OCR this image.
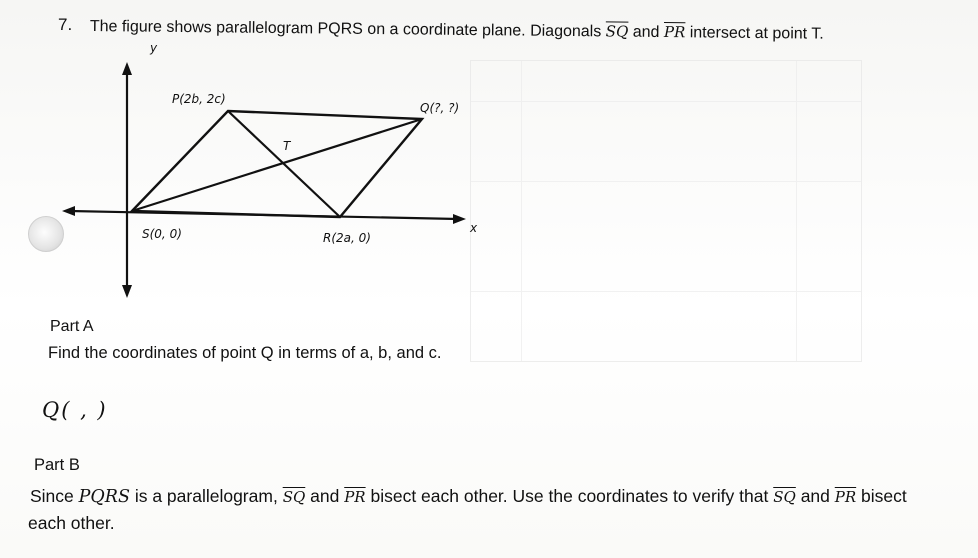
7. The figure shows parallelogram PQRS on a coordinate plane. Diagonals $\overline{SQ}$ and $\overline{PR}$ intersect at point T.
y
x
P(2b, 2c)
Q(?, ?)
T
S(0, 0)	R(2a, 0)
Part A
Find the coordinates of point Q in terms of a, b, and c.
Q( , )
Part B
Since PQRS is a parallelogram, $\overline{SQ}$ and $\overline{PR}$ bisect each other. Use the coordinates to verify that $\overline{SQ}$ and $\overline{PR}$ bisect
each other.
